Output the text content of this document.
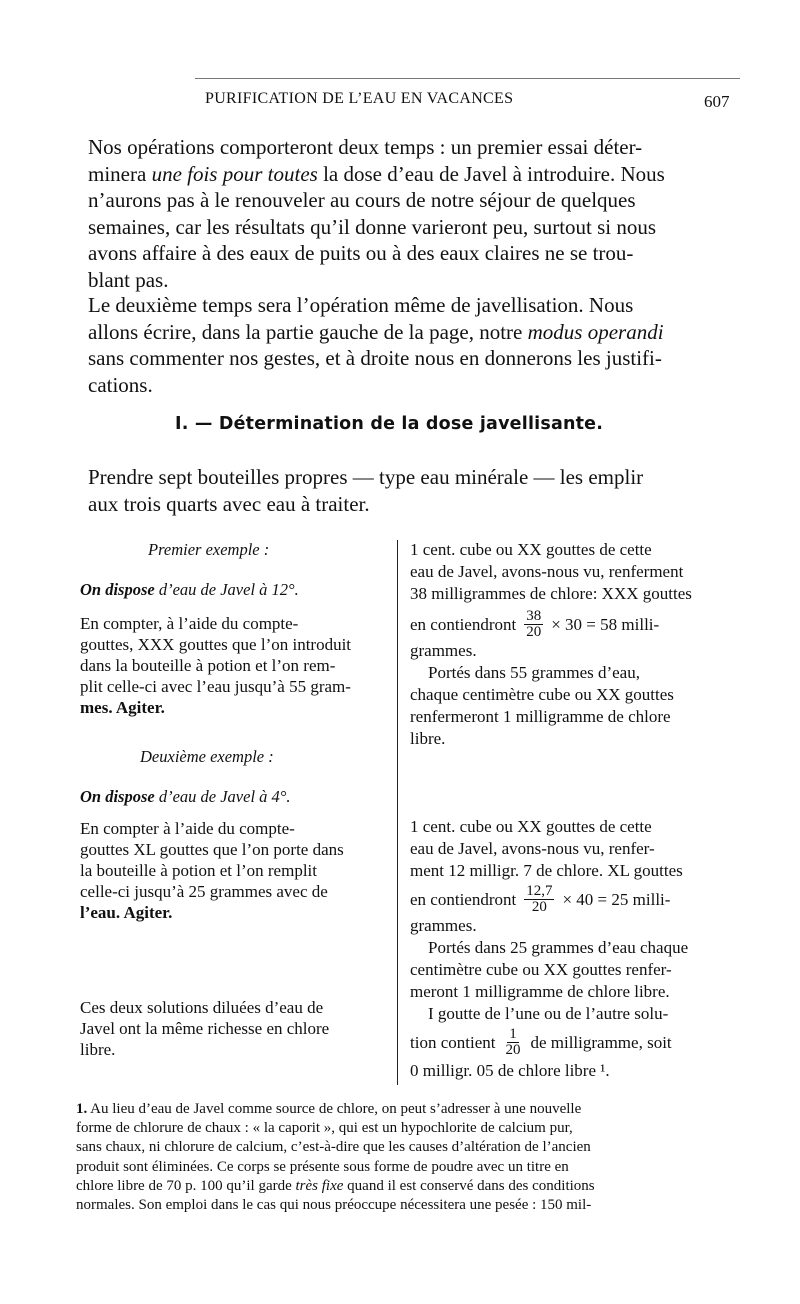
PURIFICATION DE L’EAU EN VACANCES	607
Nos opérations comporteront deux temps : un premier essai déter-
minera une fois pour toutes la dose d’eau de Javel à introduire. Nous
n’aurons pas à le renouveler au cours de notre séjour de quelques
semaines, car les résultats qu’il donne varieront peu, surtout si nous
avons affaire à des eaux de puits ou à des eaux claires ne se trou-
blant pas.
Le deuxième temps sera l’opération même de javellisation. Nous
allons écrire, dans la partie gauche de la page, notre modus operandi
sans commenter nos gestes, et à droite nous en donnerons les justifi-
cations.
I. — Détermination de la dose javellisante.
Prendre sept bouteilles propres — type eau minérale — les emplir
aux trois quarts avec eau à traiter.
Premier exemple :
On dispose d’eau de Javel à 12°.
En compter, à l’aide du compte-
gouttes, XXX gouttes que l’on introduit
dans la bouteille à potion et l’on rem-
plit celle-ci avec l’eau jusqu’à 55 gram-
mes. Agiter.
Deuxième exemple :
On dispose d’eau de Javel à 4°.
En compter à l’aide du compte-
gouttes XL gouttes que l’on porte dans
la bouteille à potion et l’on remplit
celle-ci jusqu’à 25 grammes avec de
l’eau. Agiter.
Ces deux solutions diluées d’eau de
Javel ont la même richesse en chlore
libre.
1 cent. cube ou XX gouttes de cette
eau de Javel, avons-nous vu, renferment
38 milligrammes de chlore: XXX gouttes
en contiendront $\frac{38}{20} \times 30 = 58$ milli-
grammes.
Portés dans 55 grammes d’eau,
chaque centimètre cube ou XX gouttes
renfermeront 1 milligramme de chlore
libre.
1 cent. cube ou XX gouttes de cette
eau de Javel, avons-nous vu, renfer-
ment 12 milligr. 7 de chlore. XL gouttes
en contiendront $\frac{12,7}{20} \times 40 = 25$ milli-
grammes.
Portés dans 25 grammes d’eau chaque
centimètre cube ou XX gouttes renfer-
meront 1 milligramme de chlore libre.
I goutte de l’une ou de l’autre solu-
tion contient $\frac{1}{20}$ de milligramme, soit
0 milligr. 05 de chlore libre ¹.
1. Au lieu d’eau de Javel comme source de chlore, on peut s’adresser à une nouvelle
forme de chlorure de chaux : « la caporit », qui est un hypochlorite de calcium pur,
sans chaux, ni chlorure de calcium, c’est-à-dire que les causes d’altération de l’ancien
produit sont éliminées. Ce corps se présente sous forme de poudre avec un titre en
chlore libre de 70 p. 100 qu’il garde très fixe quand il est conservé dans des conditions
normales. Son emploi dans le cas qui nous préoccupe nécessitera une pesée : 150 mil-
